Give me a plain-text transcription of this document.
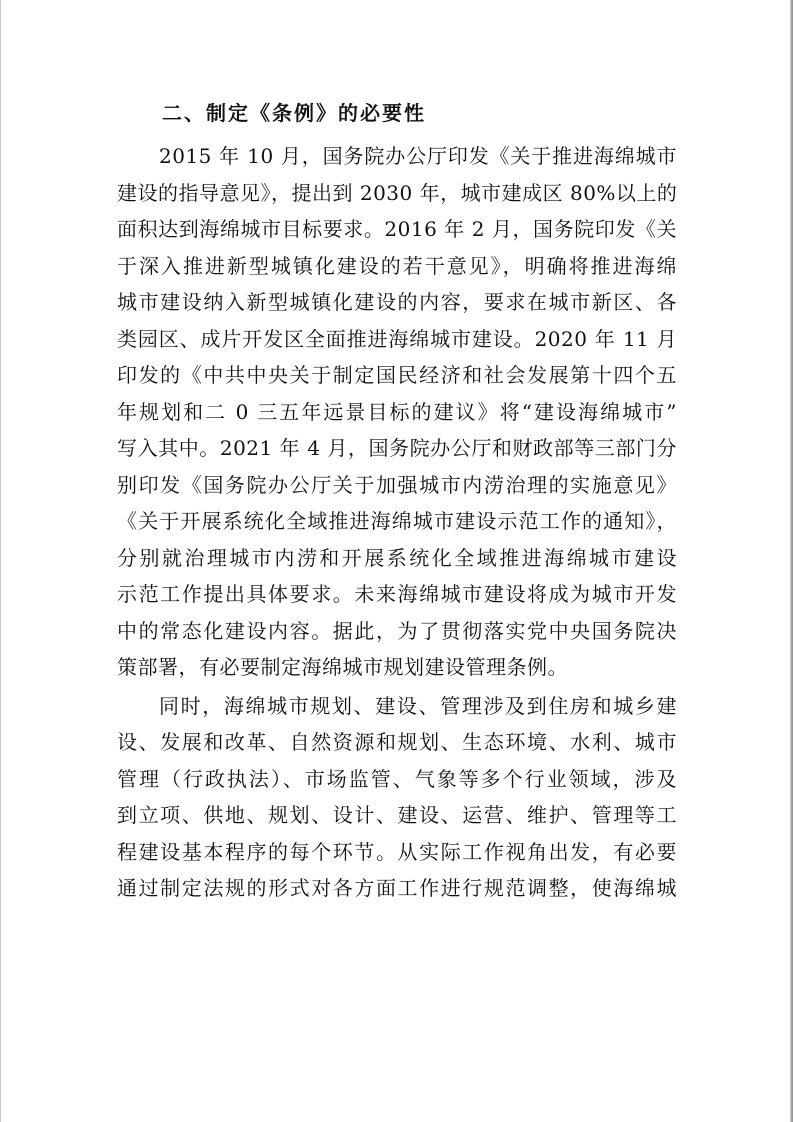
二、制定《条例》的必要性
2015 年 10 月，国务院办公厅印发《关于推进海绵城市
建设的指导意见》，提出到 2030 年，城市建成区 80%以上的
面积达到海绵城市目标要求。2016 年 2 月，国务院印发《关
于深入推进新型城镇化建设的若干意见》，明确将推进海绵
城市建设纳入新型城镇化建设的内容，要求在城市新区、各
类园区、成片开发区全面推进海绵城市建设。2020 年 11 月
印发的《中共中央关于制定国民经济和社会发展第十四个五
年规划和二 0 三五年远景目标的建议》将“建设海绵城市”
写入其中。2021 年 4 月，国务院办公厅和财政部等三部门分
别印发《国务院办公厅关于加强城市内涝治理的实施意见》
《关于开展系统化全域推进海绵城市建设示范工作的通知》，
分别就治理城市内涝和开展系统化全域推进海绵城市建设
示范工作提出具体要求。未来海绵城市建设将成为城市开发
中的常态化建设内容。据此，为了贯彻落实党中央国务院决
策部署，有必要制定海绵城市规划建设管理条例。
同时，海绵城市规划、建设、管理涉及到住房和城乡建
设、发展和改革、自然资源和规划、生态环境、水利、城市
管理（行政执法）、市场监管、气象等多个行业领域，涉及
到立项、供地、规划、设计、建设、运营、维护、管理等工
程建设基本程序的每个环节。从实际工作视角出发，有必要
通过制定法规的形式对各方面工作进行规范调整，使海绵城
